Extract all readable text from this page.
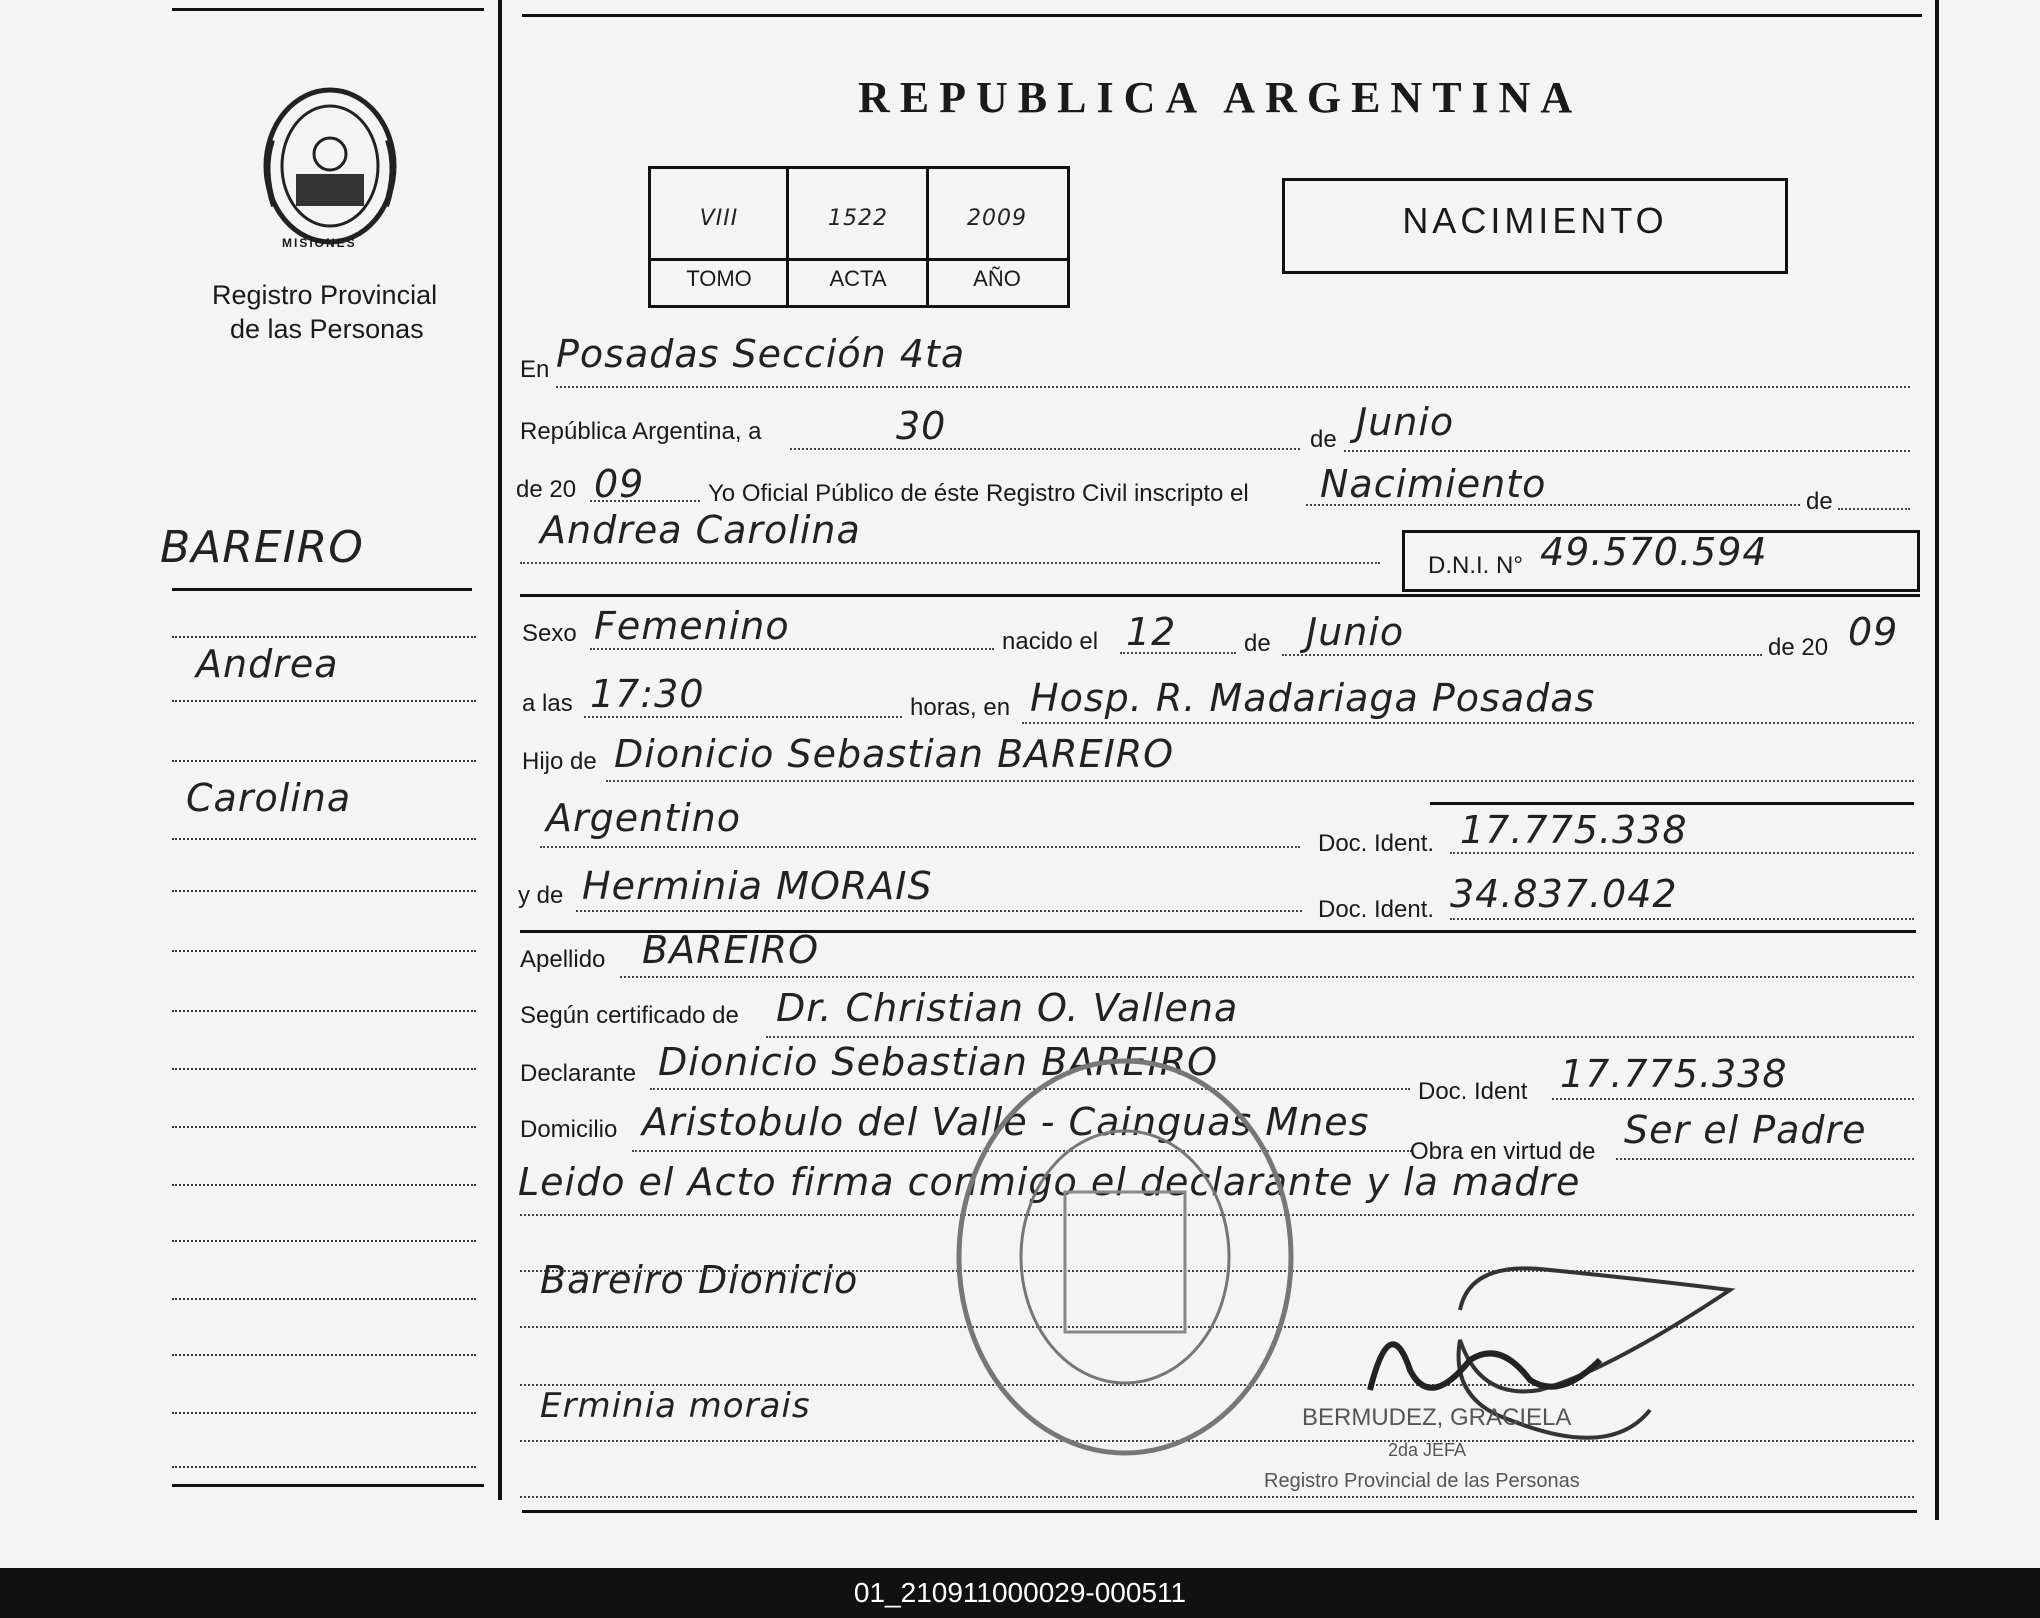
MISIONES
Registro Provincial
de las Personas
BAREIRO
Andrea
Carolina
REPUBLICA ARGENTINA
VIII	1522	2009
TOMO	ACTA	AÑO
NACIMIENTO
En Posadas Sección 4ta
República Argentina, a	30	de Junio
de 20 09	Yo Oficial Público de éste Registro Civil inscripto el Nacimiento	de
Andrea Carolina
D.N.I. N° 49.570.594
Sexo Femenino	nacido el 12	de Junio	de 20 09
a las 17:30	horas, en Hosp. R. Madariaga Posadas
Hijo de Dionicio Sebastian BAREIRO
Argentino
Doc. Ident. 17.775.338
y de Herminia MORAIS
Doc. Ident. 34.837.042
Apellido BAREIRO
Según certificado de Dr. Christian O. Vallena
Declarante Dionicio Sebastian BAREIRO
Doc. Ident 17.775.338
Domicilio Aristobulo del Valle - Cainguas Mnes
Obra en virtud de Ser el Padre
Leido el Acto firma conmigo el declarante y la madre
Bareiro Dionicio
Erminia morais	BERMUDEZ, GRACIELA
2da JEFA
Registro Provincial de las Personas
01_210911000029-000511
